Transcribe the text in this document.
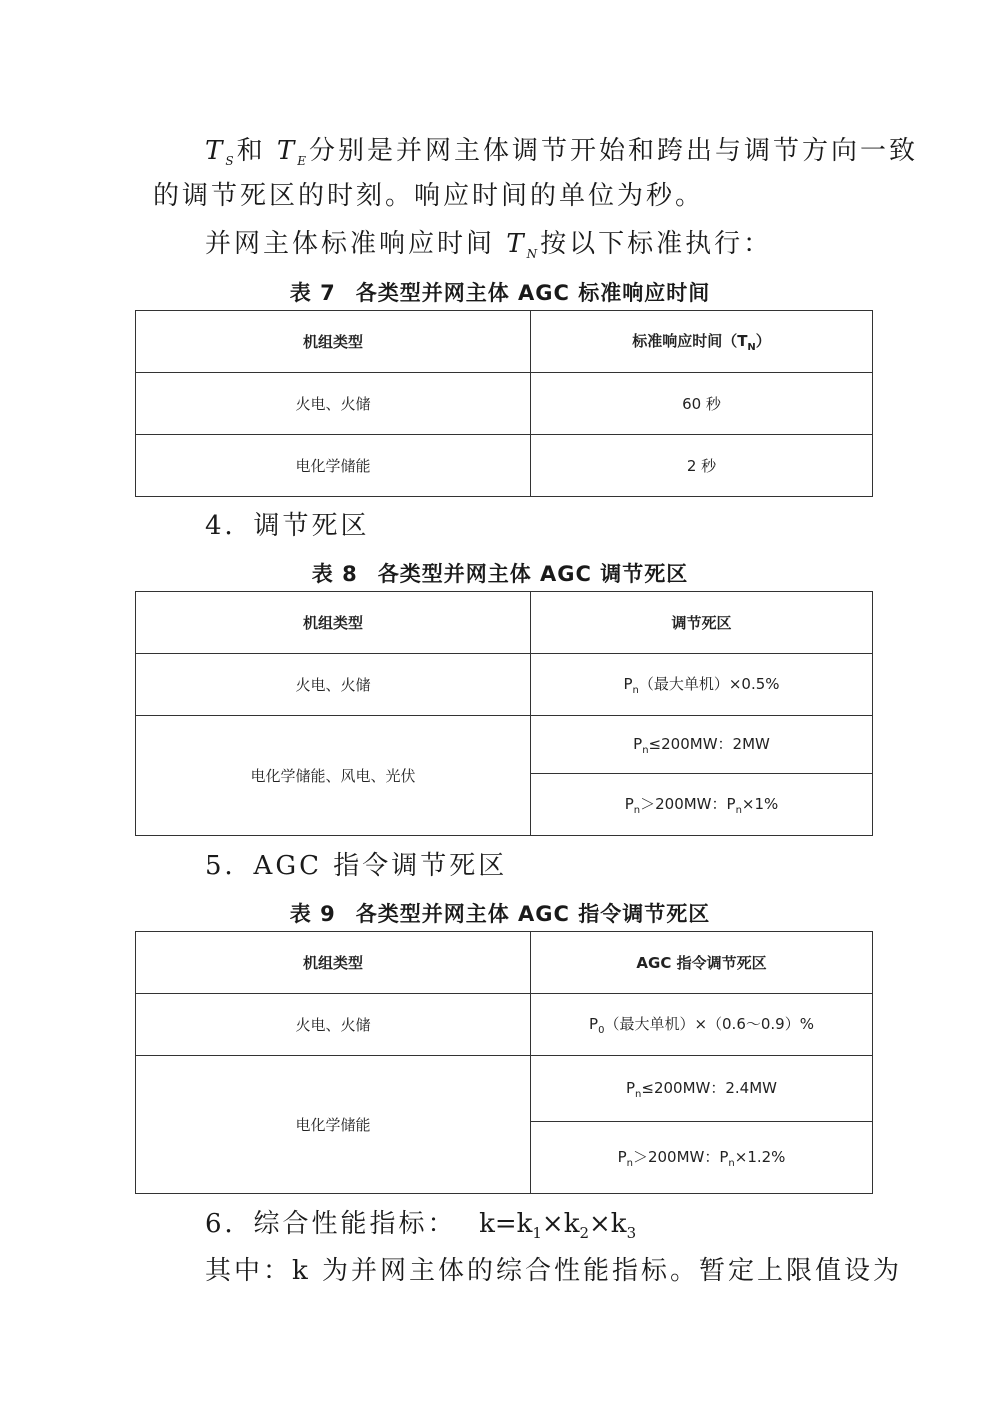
$T_S$和 $T_E$分别是并网主体调节开始和跨出与调节方向一致
的调节死区的时刻。响应时间的单位为秒。
并网主体标准响应时间 $T_N$按以下标准执行：
表 7 各类型并网主体 AGC 标准响应时间
机组类型	标准响应时间$(T_N)$
火电、火储	60 秒
电化学储能	2 秒
4．调节死区
表 8 各类型并网主体 AGC 调节死区
机组类型	调节死区
火电、火储	$P_n$（最大单机）×0.5%
电化学储能、风电、光伏	$P_n\le 200MW$：2MW
	$P_n>200MW$：$P_n\times 1\%$
5．AGC 指令调节死区
表 9 各类型并网主体 AGC 指令调节死区
机组类型	AGC 指令调节死区
火电、火储	$P_0$（最大单机）×（0.6～0.9）%
电化学储能	$P_n\le 200MW$：2.4MW
	$P_n>200MW$：$P_n\times 1.2\%$
6．综合性能指标： $k=k_1\times k_2\times k_3$
其中：k 为并网主体的综合性能指标。暂定上限值设为
